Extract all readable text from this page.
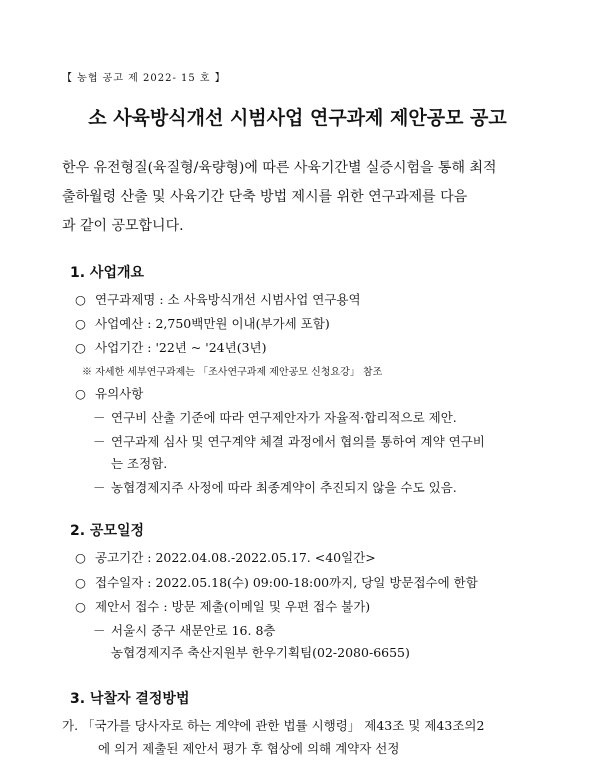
【 농협 공고 제 2022- 15 호 】
소 사육방식개선 시범사업 연구과제 제안공모 공고

한우 유전형질(육질형/육량형)에 따른 사육기간별 실증시험을 통해 최적

출하월령 산출 및 사육기간 단축 방법 제시를 위한 연구과제를 다음

과 같이 공모합니다.

1. 사업개요
○ 연구과제명 : 소 사육방식개선 시범사업 연구용역
○ 사업예산 : 2,750백만원 이내(부가세 포함)
○ 사업기간 : '22년 ~ '24년(3년)
※ 자세한 세부연구과제는 「조사연구과제 제안공모 신청요강」 참조
○ 유의사항
－ 연구비 산출 기준에 따라 연구제안자가 자율적·합리적으로 제안.
－ 연구과제 심사 및 연구계약 체결 과정에서 협의를 통하여 계약 연구비
는 조정함.
－ 농협경제지주 사정에 따라 최종계약이 추진되지 않을 수도 있음.
2. 공모일정
○ 공고기간 : 2022.04.08.-2022.05.17. <40일간>
○ 접수일자 : 2022.05.18(수) 09:00-18:00까지, 당일 방문접수에 한함
○ 제안서 접수 : 방문 제출(이메일 및 우편 접수 불가)
－ 서울시 중구 새문안로 16. 8층
농협경제지주 축산지원부 한우기획팀(02-2080-6655)
3. 낙찰자 결정방법
가. 「국가를 당사자로 하는 계약에 관한 법률 시행령」 제43조 및 제43조의2
에 의거 제출된 제안서 평가 후 협상에 의해 계약자 선정
